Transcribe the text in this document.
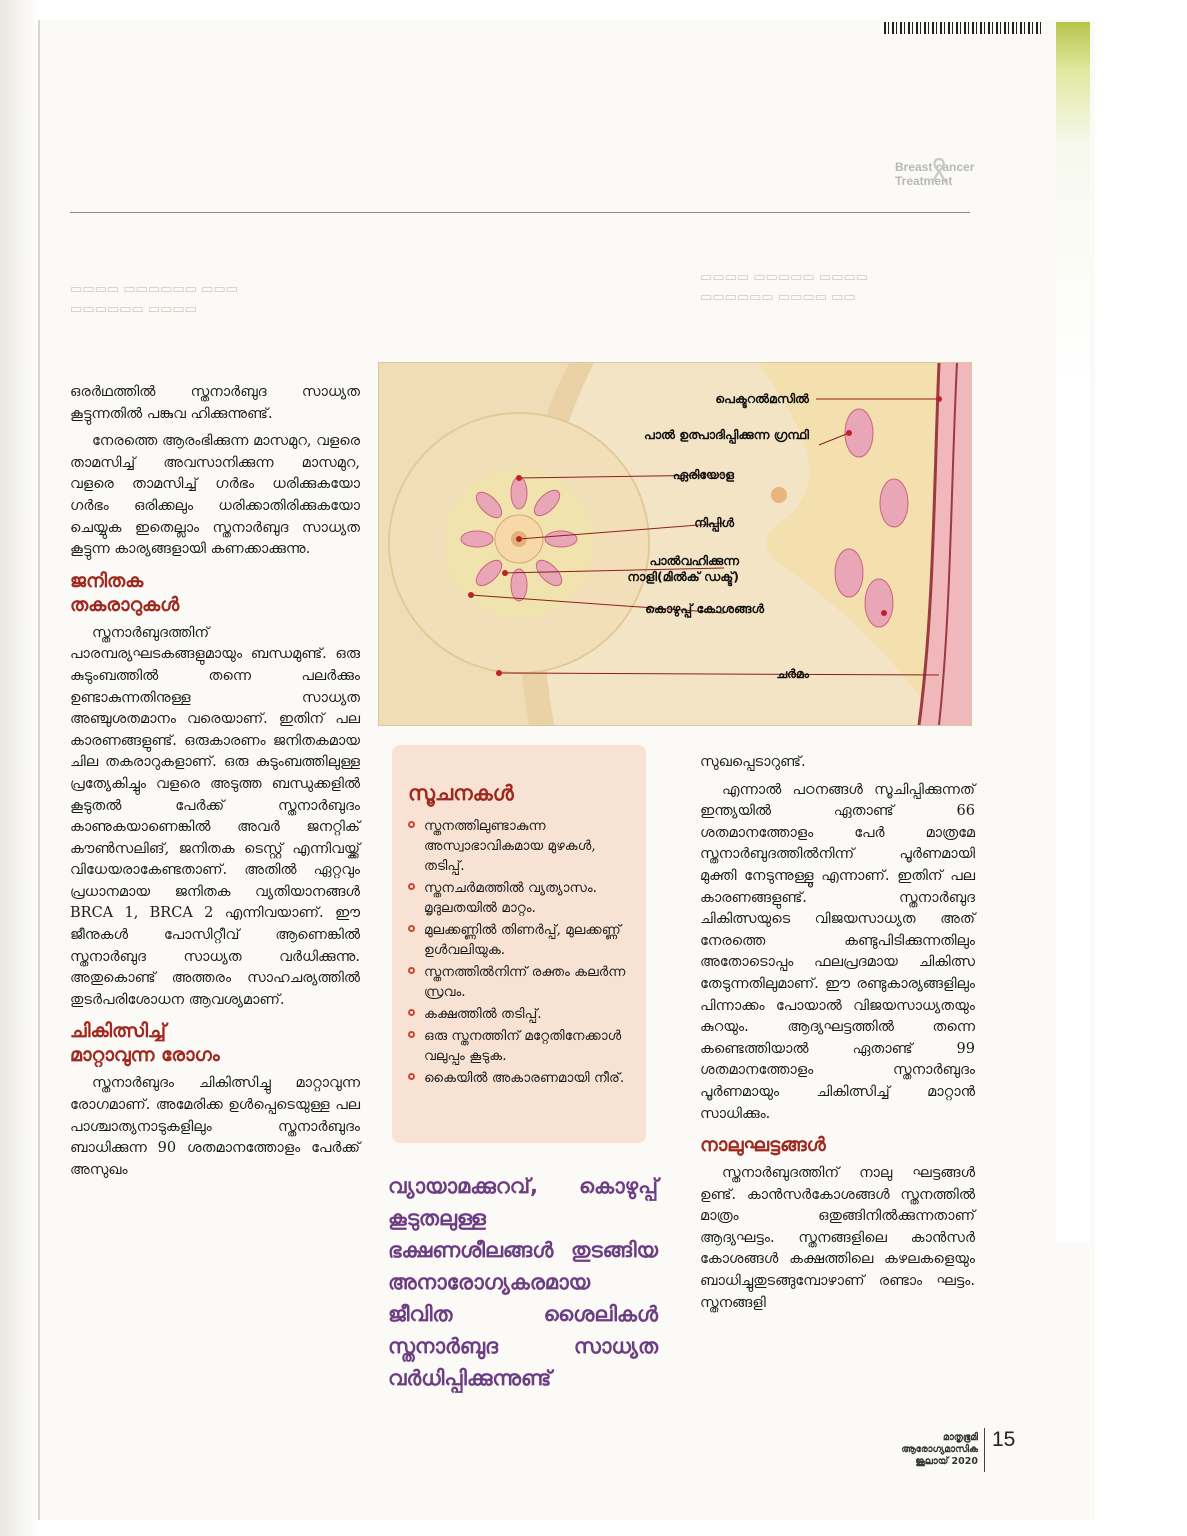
Breast cancer
Treatment
▭▭▭▭ ▭▭▭▭▭ ▭▭▭▭
▭▭▭▭▭▭ ▭▭▭▭ ▭▭
▭▭▭▭ ▭▭▭▭▭▭ ▭▭▭
▭▭▭▭▭▭ ▭▭▭▭

ഒരർഥത്തിൽ സ്തനാർബുദ സാധ്യത കൂട്ടുന്നതിൽ പങ്കുവ ഹിക്കുന്നുണ്ട്.

നേരത്തെ ആരംഭിക്കുന്ന മാസമുറ, വളരെ താമസിച്ച് അവസാനിക്കുന്ന മാസമുറ, വളരെ താമസിച്ച് ഗർഭം ധരിക്കുകയോ ഗർഭം ഒരിക്കലും ധരിക്കാതിരിക്കുകയോ ചെയ്യുക ഇതെല്ലാം സ്തനാർബുദ സാധ്യത കൂട്ടുന്ന കാര്യങ്ങളായി കണക്കാക്കുന്നു.

ജനിതക
തകരാറുകൾ

സ്തനാർബുദത്തിന് പാരമ്പര്യഘടകങ്ങളുമായും ബന്ധമുണ്ട്. ഒരു കുടുംബത്തിൽ തന്നെ പലർക്കും ഉണ്ടാകുന്നതിനുള്ള സാധ്യത അഞ്ചുശതമാനം വരെയാണ്. ഇതിന് പല കാരണങ്ങളുണ്ട്. ഒരുകാരണം ജനിതകമായ ചില തകരാറുകളാണ്. ഒരു കുടുംബത്തിലുള്ള പ്രത്യേകിച്ചും വളരെ അടുത്ത ബന്ധുക്കളിൽ കൂടുതൽ പേർക്ക് സ്തനാർബുദം കാണുകയാണെങ്കിൽ അവർ ജനറ്റിക് കൗൺസലിങ്, ജനിതക ടെസ്റ്റ് എന്നിവയ്ക്ക് വിധേയരാകേണ്ടതാണ്. അതിൽ ഏറ്റവും പ്രധാനമായ ജനിതക വ്യതിയാനങ്ങൾ BRCA 1, BRCA 2 എന്നിവയാണ്. ഈ ജീനുകൾ പോസിറ്റീവ് ആണെങ്കിൽ സ്തനാർബുദ സാധ്യത വർധിക്കുന്നു. അതുകൊണ്ട് അത്തരം സാഹചര്യത്തിൽ തുടർപരിശോധന ആവശ്യമാണ്.

ചികിത്സിച്ച്
മാറ്റാവുന്ന രോഗം

സ്തനാർബുദം ചികിത്സിച്ചു മാറ്റാവുന്ന രോഗമാണ്. അമേരിക്ക ഉൾപ്പെടെയുള്ള പല പാശ്ചാത്യനാടുകളിലും സ്തനാർബുദം ബാധിക്കുന്ന 90 ശതമാനത്തോളം പേർക്ക് അസുഖം

പെക്ടറൽമസിൽ
പാൽ ഉത്പാദിപ്പിക്കുന്ന ഗ്രന്ഥി
ഏരിയോള
നിപ്പിൾ
പാൽവഹിക്കുന്ന നാളി(മിൽക് ഡക്ട്)
കൊഴുപ്പ് കോശങ്ങൾ
ചർമം
സൂചനകൾ
സ്തനത്തിലുണ്ടാകുന്ന അസ്വാഭാവികമായ മുഴകൾ, തടിപ്പ്.
സ്തനചർമത്തിൽ വ്യത്യാസം. മൃദുലതയിൽ മാറ്റം.
മുലക്കണ്ണിൽ തിണർപ്പ്, മുലക്കണ്ണ് ഉൾവലിയുക.
സ്തനത്തിൽനിന്ന് രക്തം കലർന്ന സ്രവം.
കക്ഷത്തിൽ തടിപ്പ്.
ഒരു സ്തനത്തിന് മറ്റേതിനേക്കാൾ വലുപ്പം കൂടുക.
കൈയിൽ അകാരണമായി നീര്.
വ്യായാമക്കുറവ്, കൊഴുപ്പ് കൂടുതലുള്ള ഭക്ഷണശീലങ്ങൾ തുടങ്ങിയ അനാരോഗ്യകരമായ ജീവിത ശൈലികൾ സ്തനാർബുദ സാധ്യത വർധിപ്പിക്കുന്നുണ്ട്

സുഖപ്പെടാറുണ്ട്.

എന്നാൽ പഠനങ്ങൾ സൂചിപ്പിക്കുന്നത് ഇന്ത്യയിൽ ഏതാണ്ട് 66 ശതമാനത്തോളം പേർ മാത്രമേ സ്തനാർബുദത്തിൽനിന്ന് പൂർണമായി മുക്തി നേടുന്നുള്ളൂ എന്നാണ്. ഇതിന് പല കാരണങ്ങളുണ്ട്. സ്തനാർബുദ ചികിത്സയുടെ വിജയസാധ്യത അത് നേരത്തെ കണ്ടുപിടിക്കുന്നതിലും അതോടൊപ്പം ഫലപ്രദമായ ചികിത്സ തേടുന്നതിലുമാണ്. ഈ രണ്ടുകാര്യങ്ങളിലും പിന്നാക്കം പോയാൽ വിജയസാധ്യതയും കുറയും. ആദ്യഘട്ടത്തിൽ തന്നെ കണ്ടെത്തിയാൽ ഏതാണ്ട് 99 ശതമാനത്തോളം സ്തനാർബുദം പൂർണമായും ചികിത്സിച്ച് മാറ്റാൻ സാധിക്കും.

നാലുഘട്ടങ്ങൾ

സ്തനാർബുദത്തിന് നാലു ഘട്ടങ്ങൾ ഉണ്ട്. കാൻസർകോശങ്ങൾ സ്തനത്തിൽ മാത്രം ഒതുങ്ങിനിൽക്കുന്നതാണ് ആദ്യഘട്ടം. സ്തനങ്ങളിലെ കാൻസർ കോശങ്ങൾ കക്ഷത്തിലെ കഴലകളെയും ബാധിച്ചുതുടങ്ങുമ്പോഴാണ് രണ്ടാം ഘട്ടം. സ്തനങ്ങളി

മാതൃഭൂമി
ആരോഗ്യമാസിക
ജൂലായ് 2020
15
